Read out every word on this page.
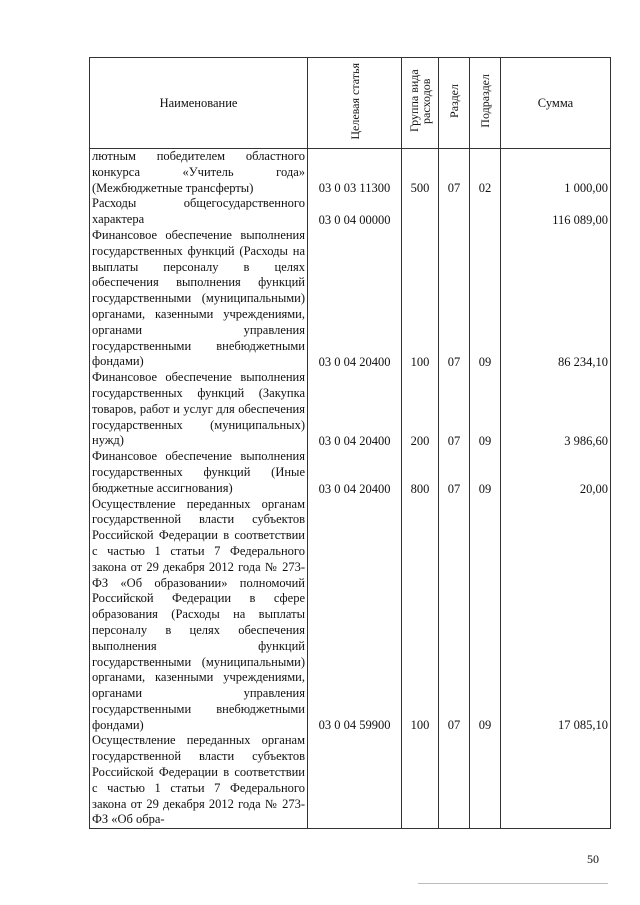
Наименование	Целевая статья	Группа вида расходов	Раздел	Подраздел	Сумма
лютным победителем областного конкурса «Учитель года» (Межбюджетные трансферты)	03 0 03 11300	500	07	02	1 000,00
Расходы общегосударственного характера	03 0 04 00000				116 089,00
Финансовое обеспечение выполнения государственных функций (Расходы на выплаты персоналу в целях обеспечения выполнения функций государственными (муниципальными) органами, казенными учреждениями, органами управления государственными внебюджетными фондами)	03 0 04 20400	100	07	09	86 234,10
Финансовое обеспечение выполнения государственных функций (Закупка товаров, работ и услуг для обеспечения государственных (муниципальных) нужд)	03 0 04 20400	200	07	09	3 986,60
Финансовое обеспечение выполнения государственных функций (Иные бюджетные ассигнования)	03 0 04 20400	800	07	09	20,00
Осуществление переданных органам государственной власти субъектов Российской Федерации в соответствии с частью 1 статьи 7 Федерального закона от 29 декабря 2012 года № 273-ФЗ «Об образовании» полномочий Российской Федерации в сфере образования (Расходы на выплаты персоналу в целях обеспечения выполнения функций государственными (муниципальными) органами, казенными учреждениями, органами управления государственными внебюджетными фондами)	03 0 04 59900	100	07	09	17 085,10
Осуществление переданных органам государственной власти субъектов Российской Федерации в соответствии с частью 1 статьи 7 Федерального закона от 29 декабря 2012 года № 273-ФЗ «Об обра-					
50
